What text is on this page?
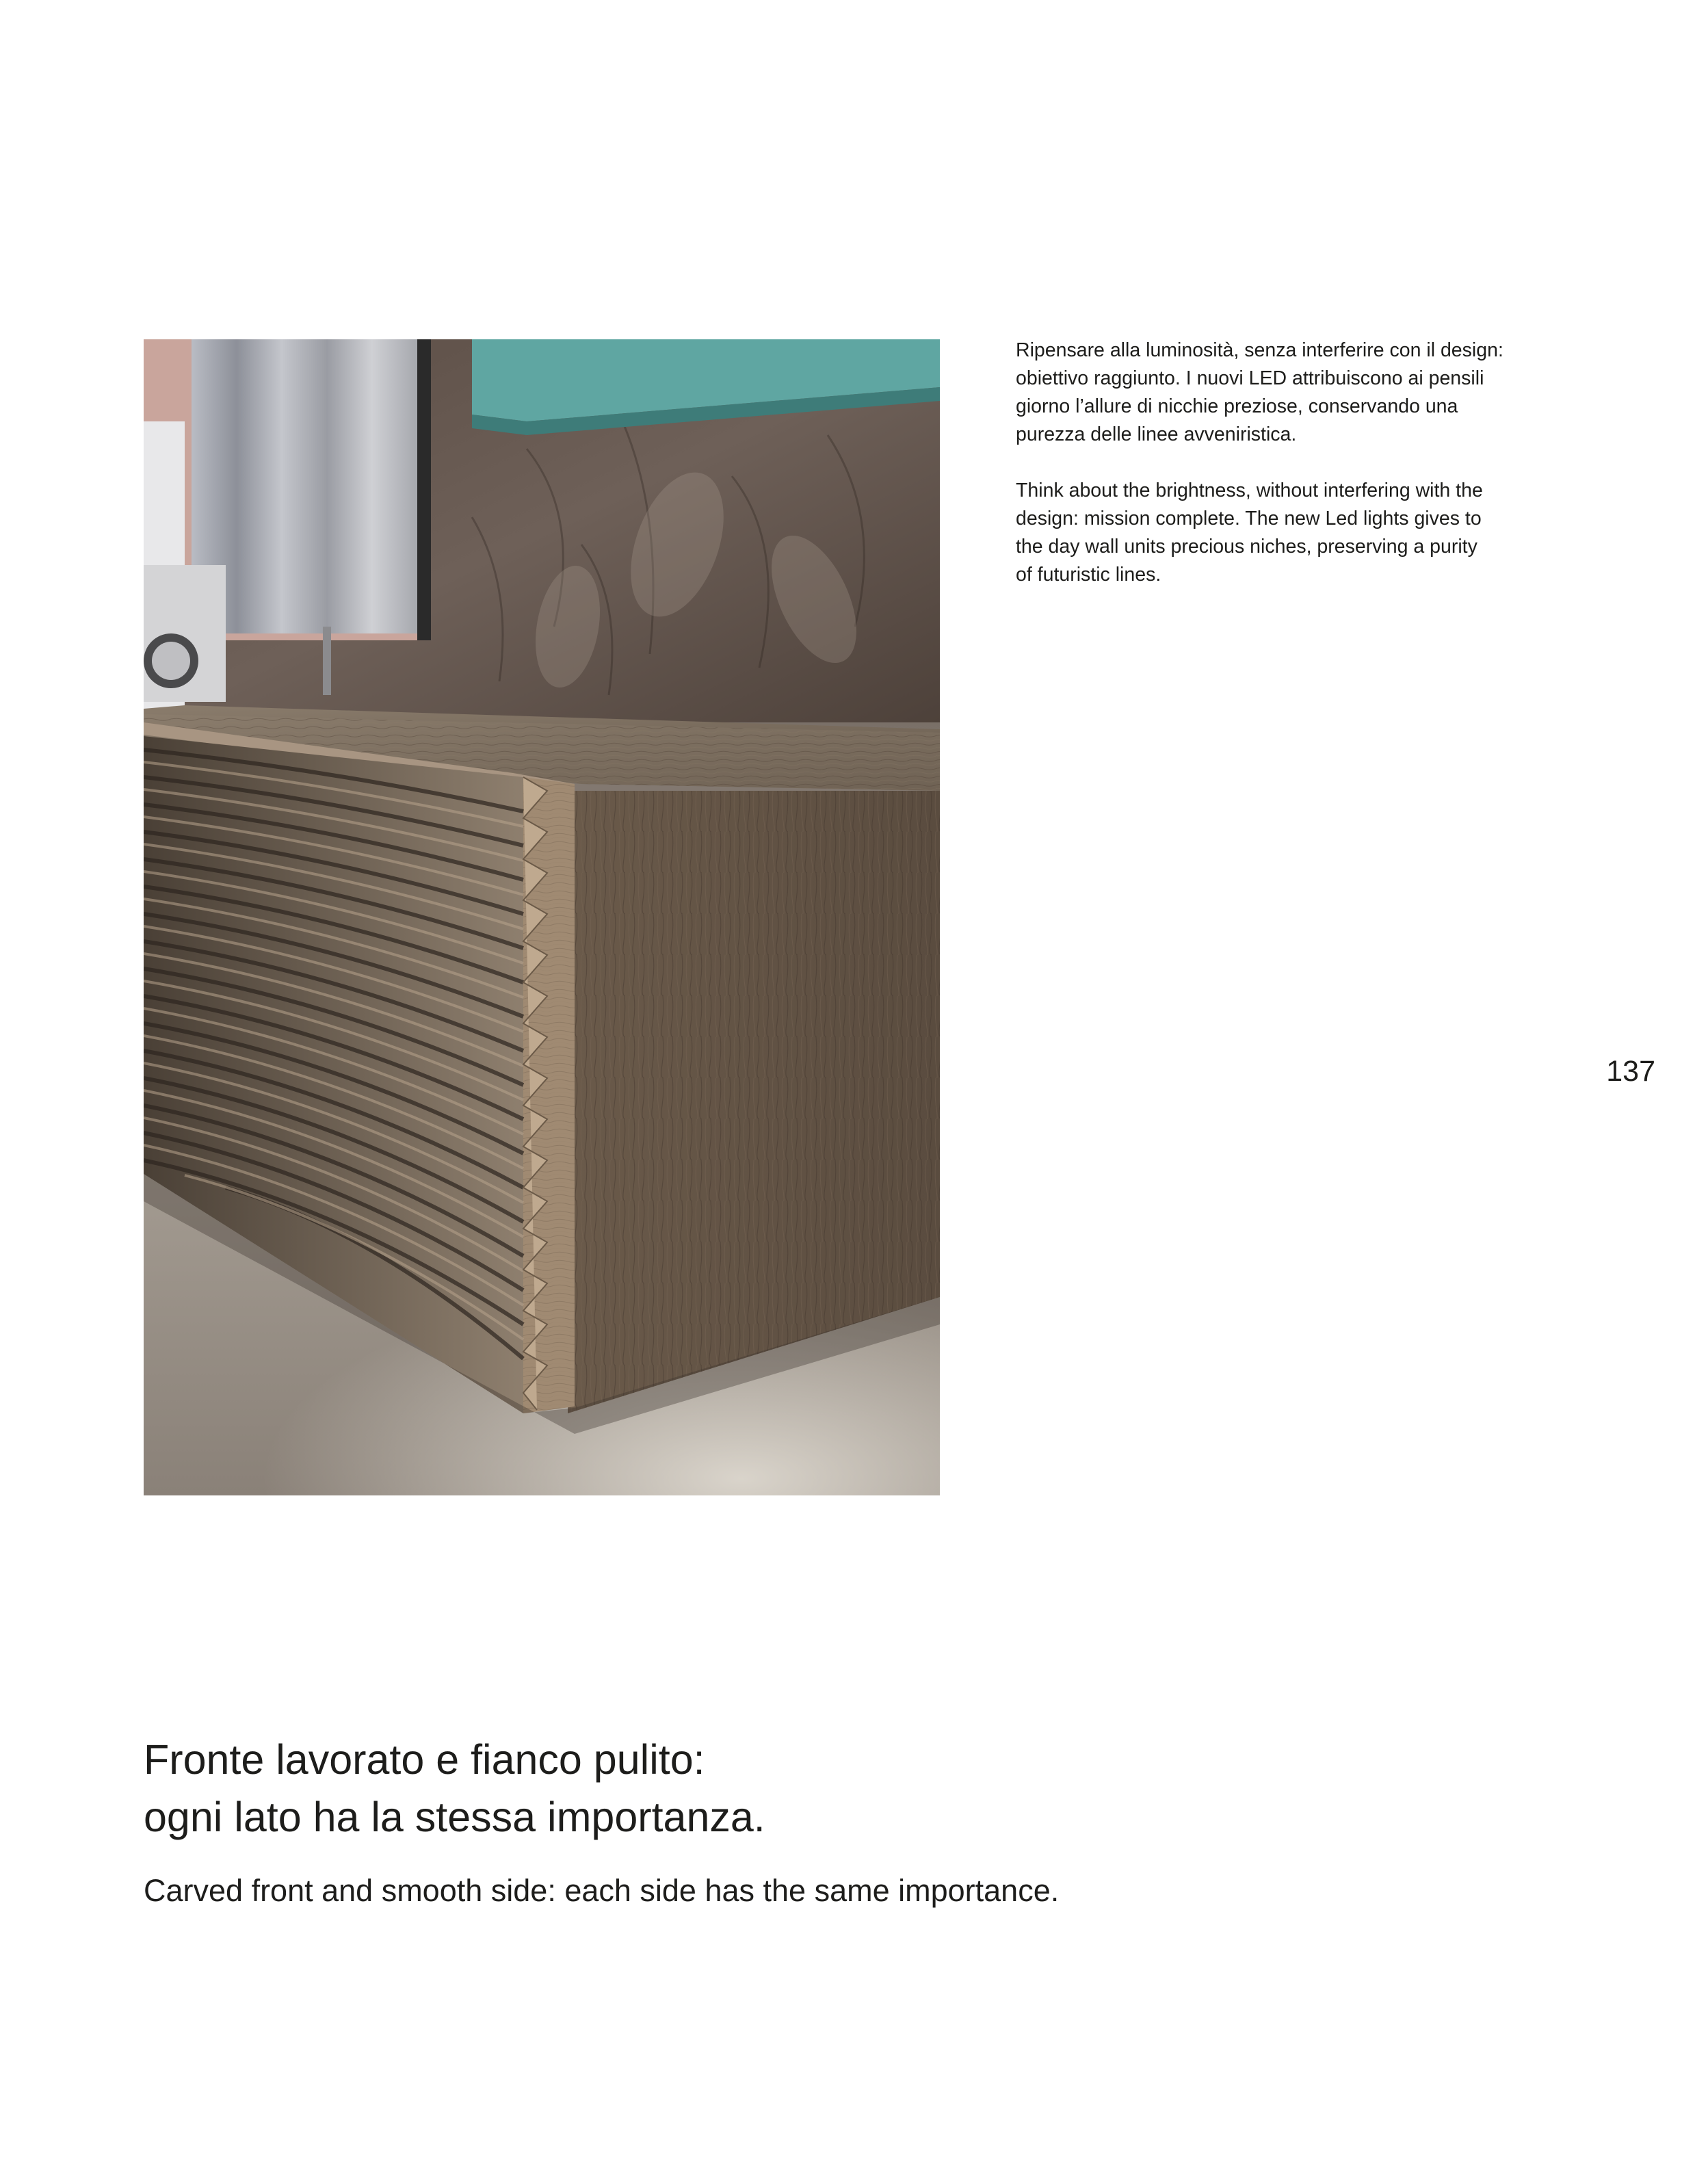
Ripensare alla luminosità, senza interferire con il design:
obiettivo raggiunto. I nuovi LED attribuiscono ai pensili
giorno l’allure di nicchie preziose, conservando una
purezza delle linee avveniristica.

Think about the brightness, without interfering with the
design: mission complete. The new Led lights gives to
the day wall units precious niches, preserving a purity
of futuristic lines.

137
Fronte lavorato e fianco pulito:
ogni lato ha la stessa importanza.

Carved front and smooth side: each side has the same importance.
